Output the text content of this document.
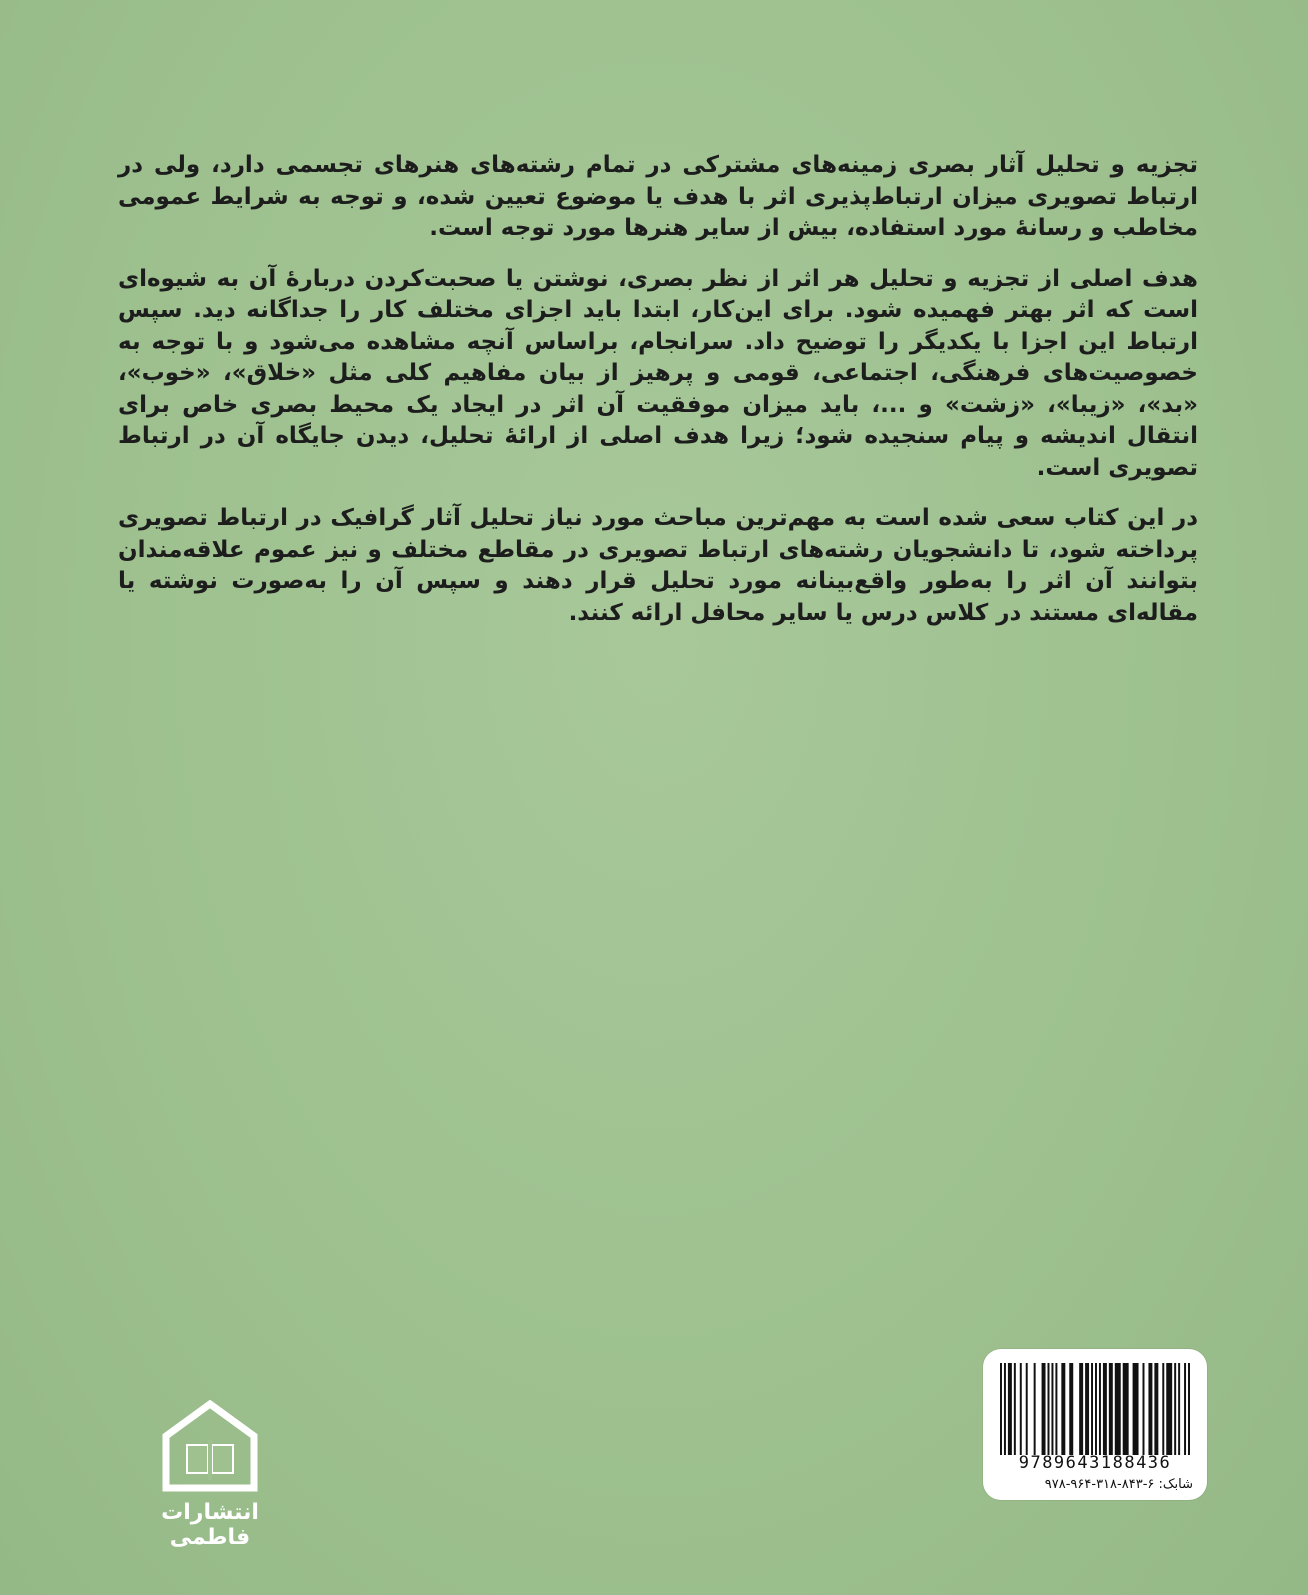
تجزیه و تحلیل آثار بصری زمینه‌های مشترکی در تمام رشته‌های هنرهای تجسمی دارد، ولی در ارتباط تصویری میزان ارتباط‌پذیری اثر با هدف یا موضوع تعیین شده، و توجه به شرایط عمومی مخاطب و رسانهٔ مورد استفاده، بیش از سایر هنرها مورد توجه است.

هدف اصلی از تجزیه و تحلیل هر اثر از نظر بصری، نوشتن یا صحبت‌کردن دربارهٔ آن به شیوه‌ای است که اثر بهتر فهمیده شود. برای این‌کار، ابتدا باید اجزای مختلف کار را جداگانه دید. سپس ارتباط این اجزا با یکدیگر را توضیح داد. سرانجام، براساس آنچه مشاهده می‌شود و با توجه به خصوصیت‌های فرهنگی، اجتماعی، قومی و پرهیز از بیان مفاهیم کلی مثل «خلاق»، «خوب»، «بد»، «زیبا»، «زشت» و ...، باید میزان موفقیت آن اثر در ایجاد یک محیط بصری خاص برای انتقال اندیشه و پیام سنجیده شود؛ زیرا هدف اصلی از ارائهٔ تحلیل، دیدن جایگاه آن در ارتباط تصویری است.

در این کتاب سعی شده است به مهم‌ترین مباحث مورد نیاز تحلیل آثار گرافیک در ارتباط تصویری پرداخته شود، تا دانشجویان رشته‌های ارتباط تصویری در مقاطع مختلف و نیز عموم علاقه‌مندان بتوانند آن اثر را به‌طور واقع‌بینانه مورد تحلیل قرار دهند و سپس آن را به‌صورت نوشته یا مقاله‌ای مستند در کلاس درس یا سایر محافل ارائه کنند.

انتشارات فاطمی
9789643188436
شابک: ۶-۸۴۳-۳۱۸-۹۶۴-۹۷۸
